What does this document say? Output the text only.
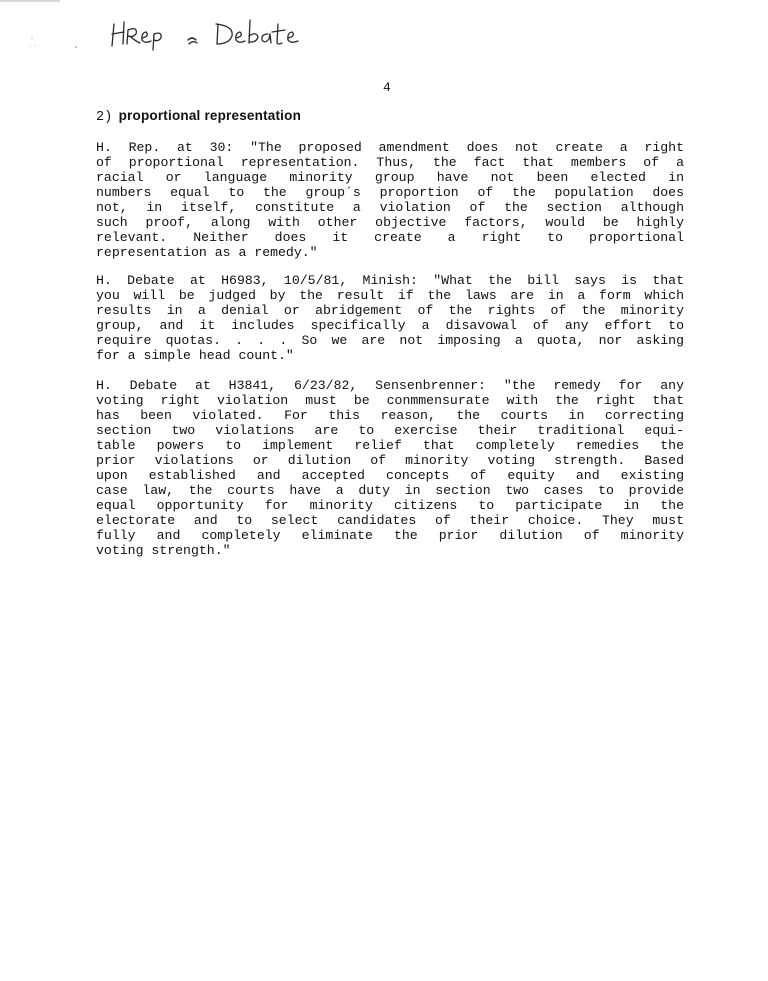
4
2) proportional representation
H. Rep. at 30: "The proposed amendment does not create a right
of proportional representation. Thus, the fact that members of a
racial or language minority group have not been elected in
numbers equal to the group´s proportion of the population does
not, in itself, constitute a violation of the section although
such proof, along with other objective factors, would be highly
relevant. Neither does it create a right to proportional
representation as a remedy."
H. Debate at H6983, 10/5/81, Minish: "What the bill says is that
you will be judged by the result if the laws are in a form which
results in a denial or abridgement of the rights of the minority
group, and it includes specifically a disavowal of any effort to
require quotas. . . . So we are not imposing a quota, nor asking
for a simple head count."
H. Debate at H3841, 6/23/82, Sensenbrenner: "the remedy for any
voting right violation must be conmmensurate with the right that
has been violated. For this reason, the courts in correcting
section two violations are to exercise their traditional equi-
table powers to implement relief that completely remedies the
prior violations or dilution of minority voting strength. Based
upon established and accepted concepts of equity and existing
case law, the courts have a duty in section two cases to provide
equal opportunity for minority citizens to participate in the
electorate and to select candidates of their choice. They must
fully and completely eliminate the prior dilution of minority
voting strength."
